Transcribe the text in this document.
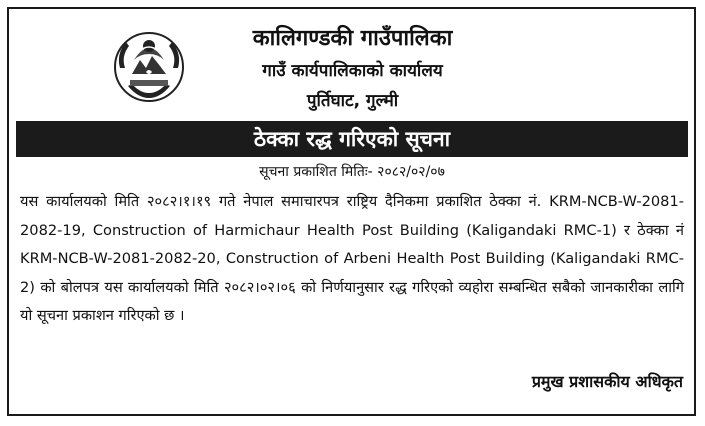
कालिगण्डकी गाउँपालिका
गाउँ कार्यपालिकाको कार्यालय
पुर्तिघाट, गुल्मी
ठेक्का रद्ध गरिएको सूचना
सूचना प्रकाशित मितिः- २०८२/०२/०७
यस कार्यालयको मिति २०८२।१।१९ गते नेपाल समाचारपत्र राष्ट्रिय दैनिकमा प्रकाशित ठेक्का नं. KRM-NCB-W-2081-2082-19, Construction of Harmichaur Health Post Building (Kaligandaki RMC-1) र ठेक्का नं KRM-NCB-W-2081-2082-20, Construction of Arbeni Health Post Building (Kaligandaki RMC-2) को बोलपत्र यस कार्यालयको मिति २०८२।०२।०६ को निर्णयानुसार रद्ध गरिएको व्यहोरा सम्बन्धित सबैको जानकारीका लागि यो सूचना प्रकाशन गरिएको छ ।
प्रमुख प्रशासकीय अधिकृत
